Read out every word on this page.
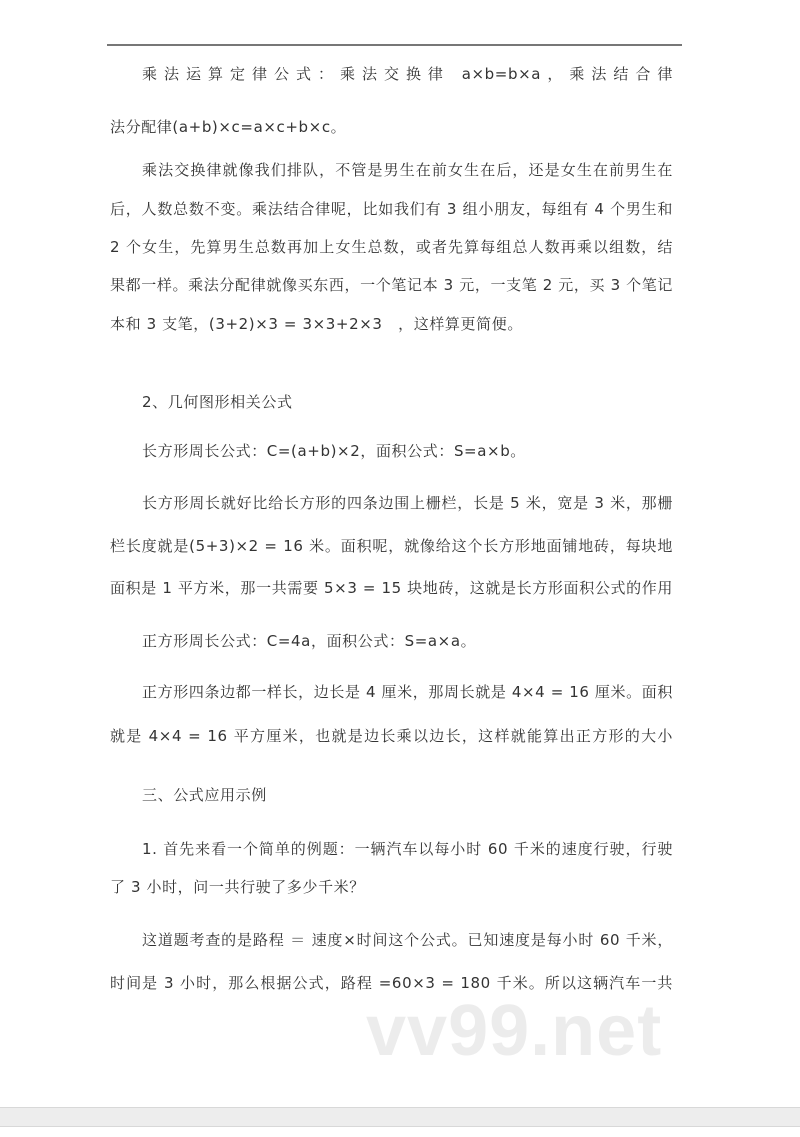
乘法运算定律公式：乘法交换律 a×b=b×a，乘法结合律
法分配律(a+b)×c=a×c+b×c。
乘法交换律就像我们排队，不管是男生在前女生在后，还是女生在前男生在
后，人数总数不变。乘法结合律呢，比如我们有 3 组小朋友，每组有 4 个男生和
2 个女生，先算男生总数再加上女生总数，或者先算每组总人数再乘以组数，结
果都一样。乘法分配律就像买东西，一个笔记本 3 元，一支笔 2 元，买 3 个笔记
本和 3 支笔，(3+2)×3 = 3×3+2×3　，这样算更简便。
2、几何图形相关公式
长方形周长公式：C=(a+b)×2，面积公式：S=a×b。
长方形周长就好比给长方形的四条边围上栅栏，长是 5 米，宽是 3 米，那栅
栏长度就是(5+3)×2 = 16 米。面积呢，就像给这个长方形地面铺地砖，每块地
面积是 1 平方米，那一共需要 5×3 = 15 块地砖，这就是长方形面积公式的作用
正方形周长公式：C=4a，面积公式：S=a×a。
正方形四条边都一样长，边长是 4 厘米，那周长就是 4×4 = 16 厘米。面积
就是 4×4 = 16 平方厘米，也就是边长乘以边长，这样就能算出正方形的大小
三、公式应用示例
1. 首先来看一个简单的例题：一辆汽车以每小时 60 千米的速度行驶，行驶
了 3 小时，问一共行驶了多少千米？
这道题考查的是路程 ＝ 速度×时间这个公式。已知速度是每小时 60 千米，
时间是 3 小时，那么根据公式，路程 =60×3 = 180 千米。所以这辆汽车一共
vv99.net
